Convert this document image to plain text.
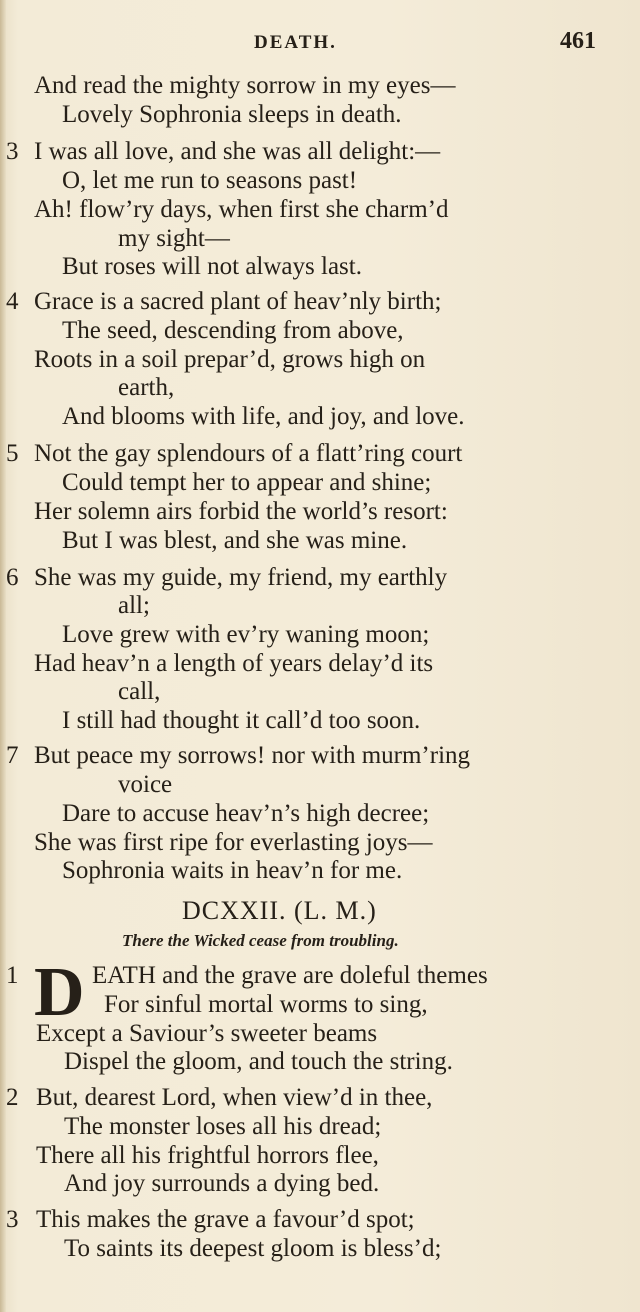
DEATH.	461
And read the mighty sorrow in my eyes—
Lovely Sophronia sleeps in death.
3 I was all love, and she was all delight:—
O, let me run to seasons past!
Ah! flow’ry days, when first she charm’d
my sight—
But roses will not always last.
4 Grace is a sacred plant of heav’nly birth;
The seed, descending from above,
Roots in a soil prepar’d, grows high on
earth,
And blooms with life, and joy, and love.
5 Not the gay splendours of a flatt’ring court
Could tempt her to appear and shine;
Her solemn airs forbid the world’s resort:
But I was blest, and she was mine.
6 She was my guide, my friend, my earthly
all;
Love grew with ev’ry waning moon;
Had heav’n a length of years delay’d its
call,
I still had thought it call’d too soon.
7 But peace my sorrows! nor with murm’ring
voice
Dare to accuse heav’n’s high decree;
She was first ripe for everlasting joys—
Sophronia waits in heav’n for me.
DCXXII. (L. M.)
There the Wicked cease from troubling.
1 D EATH and the grave are doleful themes
For sinful mortal worms to sing,
Except a Saviour’s sweeter beams
Dispel the gloom, and touch the string.
2 But, dearest Lord, when view’d in thee,
The monster loses all his dread;
There all his frightful horrors flee,
And joy surrounds a dying bed.
3 This makes the grave a favour’d spot;
To saints its deepest gloom is bless’d;
